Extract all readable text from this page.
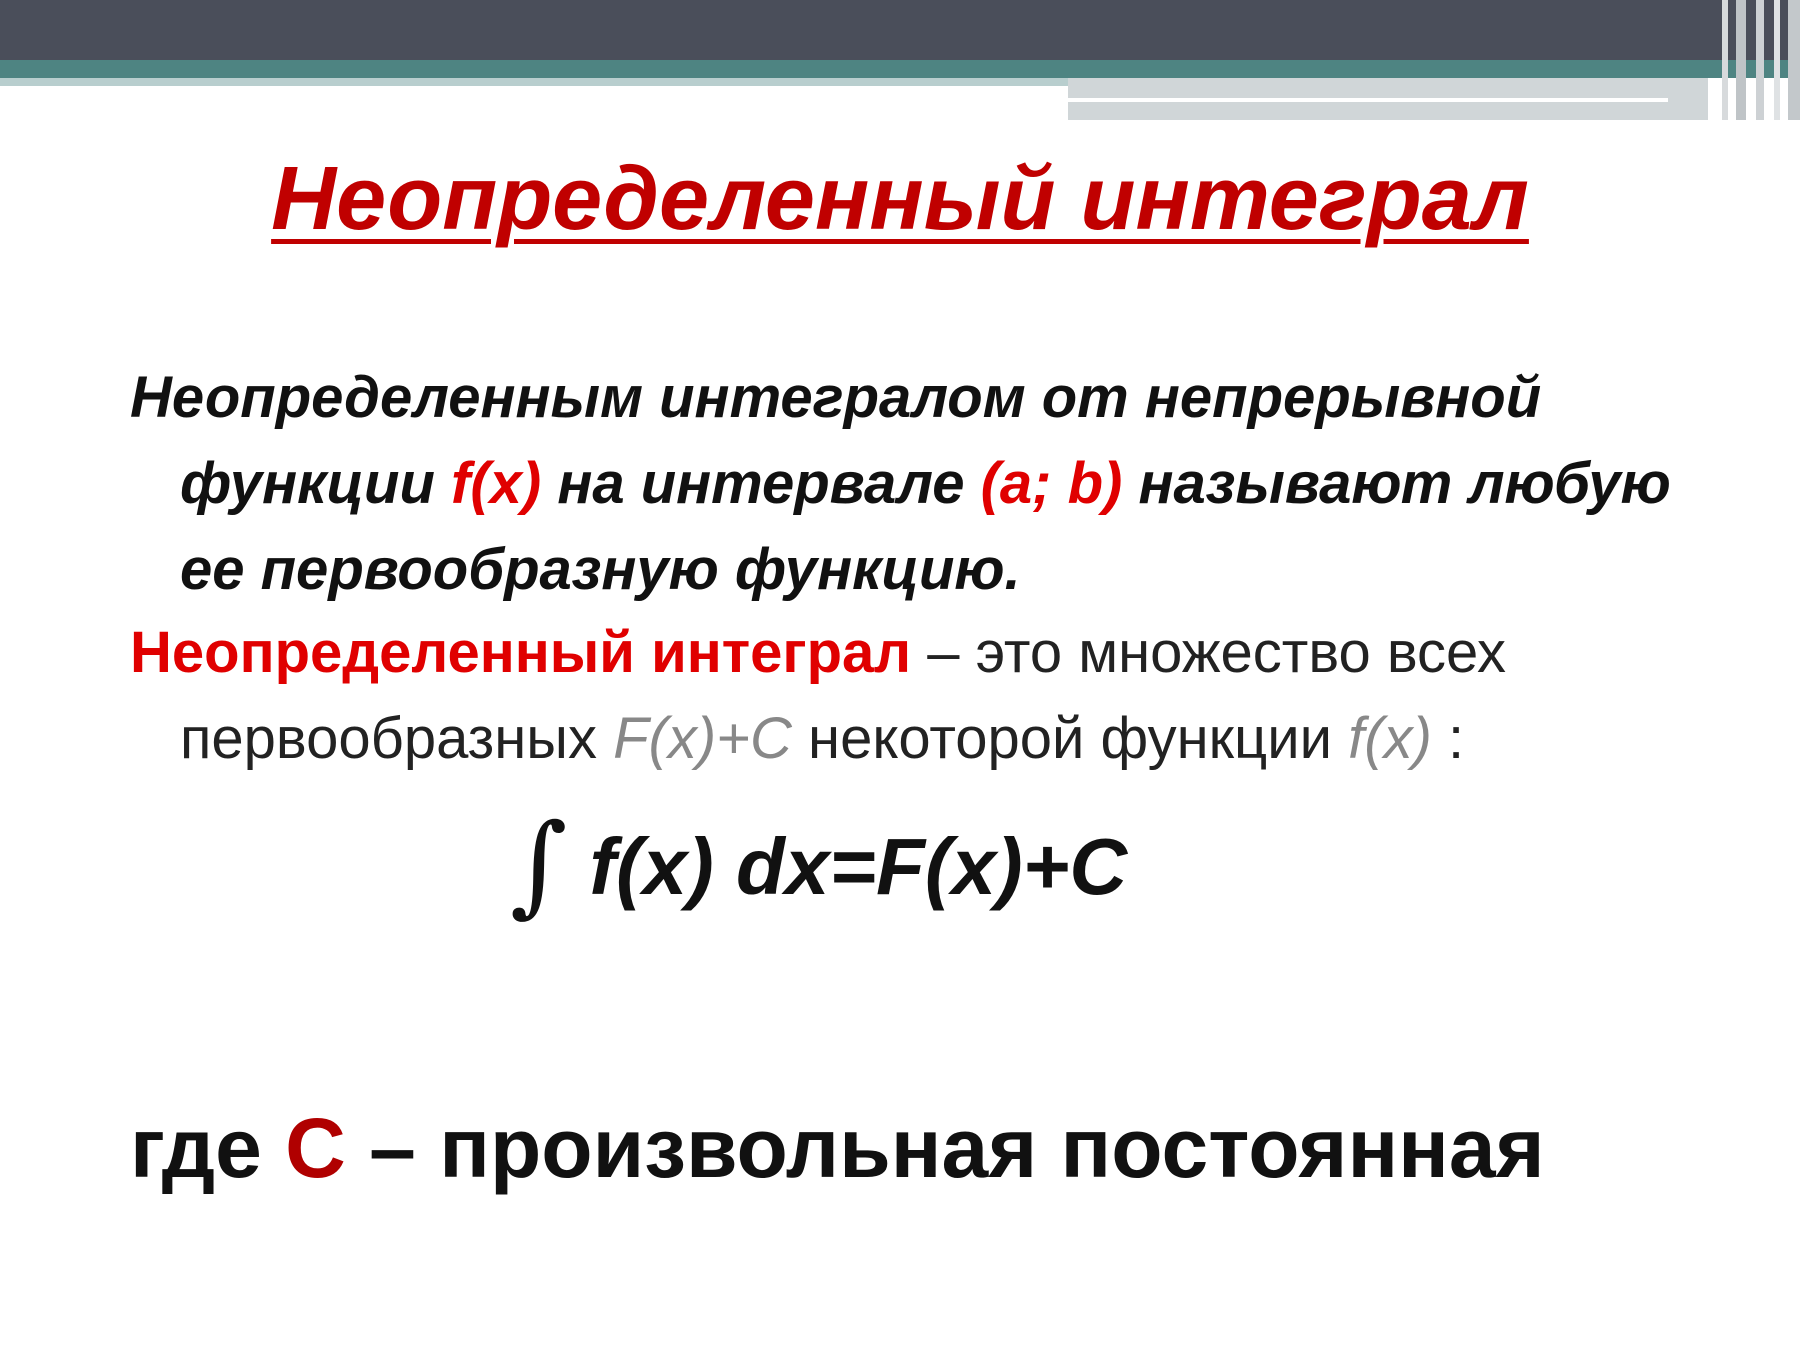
Неопределенный интеграл
Неопределенным интегралом от непрерывной функции f(x) на интервале (a; b) называют любую ее первообразную функцию.
Неопределенный интеграл – это множество всех первообразных F(x)+C некоторой функции f(x) :
∫ f(x) dx=F(x)+C
где С – произвольная постоянная
